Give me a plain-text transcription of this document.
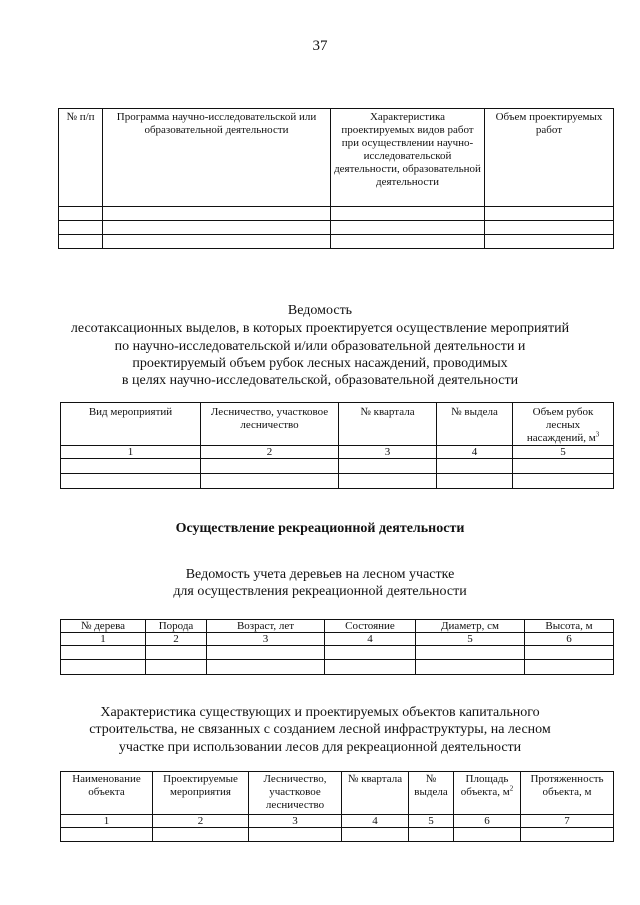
37
№ п/п	Программа научно-исследовательской или образовательной деятельности	Характеристика проектируемых видов работ при осуществлении научно-исследовательской деятельности, образовательной деятельности	Объем проектируемых работ

Ведомость
лесотаксационных выделов, в которых проектируется осуществление мероприятий
по научно-исследовательской и/или образовательной деятельности и
проектируемый объем рубок лесных насаждений, проводимых
в целях научно-исследовательской, образовательной деятельности
Вид мероприятий	Лесничество, участковое лесничество	№ квартала	№ выдела	Объем рубок лесных насаждений, $м^3$
1	2	3	4	5

Осуществление рекреационной деятельности
Ведомость учета деревьев на лесном участке
для осуществления рекреационной деятельности
№ дерева	Порода	Возраст, лет	Состояние	Диаметр, см	Высота, м
1	2	3	4	5	6

Характеристика существующих и проектируемых объектов капитального
строительства, не связанных с созданием лесной инфраструктуры, на лесном
участке при использовании лесов для рекреационной деятельности
Наименование объекта	Проектируемые мероприятия	Лесничество, участковое лесничество	№ квартала	№ выдела	Площадь объекта, $м^2$	Протяженность объекта, м
1	2	3	4	5	6	7
